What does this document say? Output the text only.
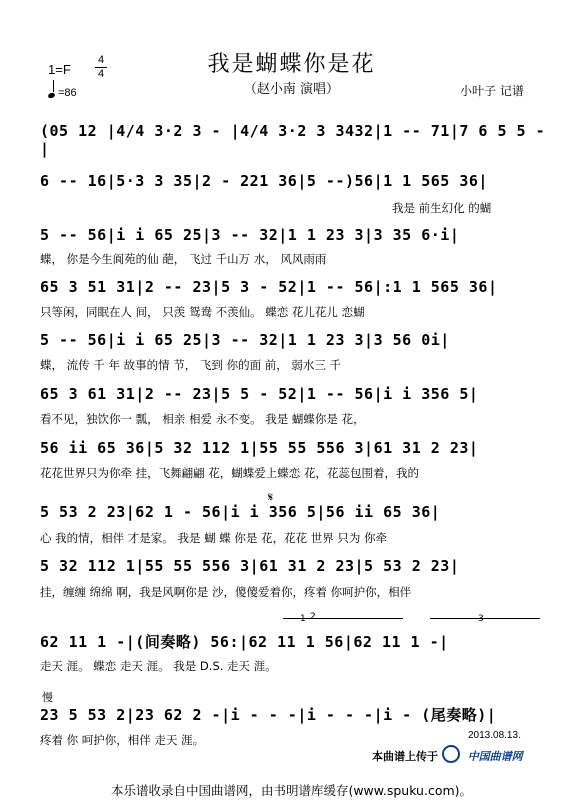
1=F
4
4
=86
我是蝴蝶你是花
（赵小南 演唱）	小叶子 记谱
(05 12 |4/4 3·2 3 - |4/4 3·2 3 3432|1 -- 71|7 6 5 5 -|
6 -- 16|5·3 3 35|2 - 221 36|5 --)56|1 1 565 36|
我是 前生幻化 的蝴
5 -- 56|i i 65 25|3 -- 32|1 1 23 3|3 35 6·i|
蝶， 你是今生阆苑的仙 葩， 飞过 千山万 水， 风风雨雨
65 3 51 31|2 -- 23|5 3 - 52|1 -- 56|:1 1 565 36|
只等闲，同眠在人 间， 只羡 鸳鸯 不羡仙。 蝶恋 花儿花儿 恋蝴
5 -- 56|i i 65 25|3 -- 32|1 1 23 3|3 56 0i|
蝶， 流传 千 年 故事的情 节， 飞到 你的面 前， 弱水三 千
65 3 61 31|2 -- 23|5 5 - 52|1 -- 56|i i 356 5|
看不见，独饮你一 瓢， 相亲 相爱 永不变。 我是 蝴蝶你是 花，
56 ii 65 36|5 32 112 1|55 55 556 3|61 31 2 23|
花花世界只为你牵 挂，飞舞翩翩 花，蝴蝶爱上蝶恋 花，花蕊包围着，我的
𝄋
5 53 2 23|62 1 - 56|i i 356 5|56 ii 65 36|
心 我的情，相伴 才是家。 我是 蝴 蝶 你是 花，花花 世界 只为 你牵
5 32 112 1|55 55 556 3|61 31 2 23|5 53 2 23|
挂，缠缠 绵绵 啊，我是风啊你是 沙，傻傻爱着你，疼着 你呵护你，相伴
1 2	3
62 11 1 -|(间奏略) 56:|62 11 1 56|62 11 1 -|
走天 涯。 蝶恋 走天 涯。 我是 D.S. 走天 涯。
慢
23 5 53 2|23 62 2 -|i - - -|i - - -|i - (尾奏略)|
疼着 你 呵护你，相伴 走天 涯。	2013.08.13.
本曲谱上传于	中国曲谱网
本乐谱收录自中国曲谱网，由书明谱库缓存(www.spuku.com)。
